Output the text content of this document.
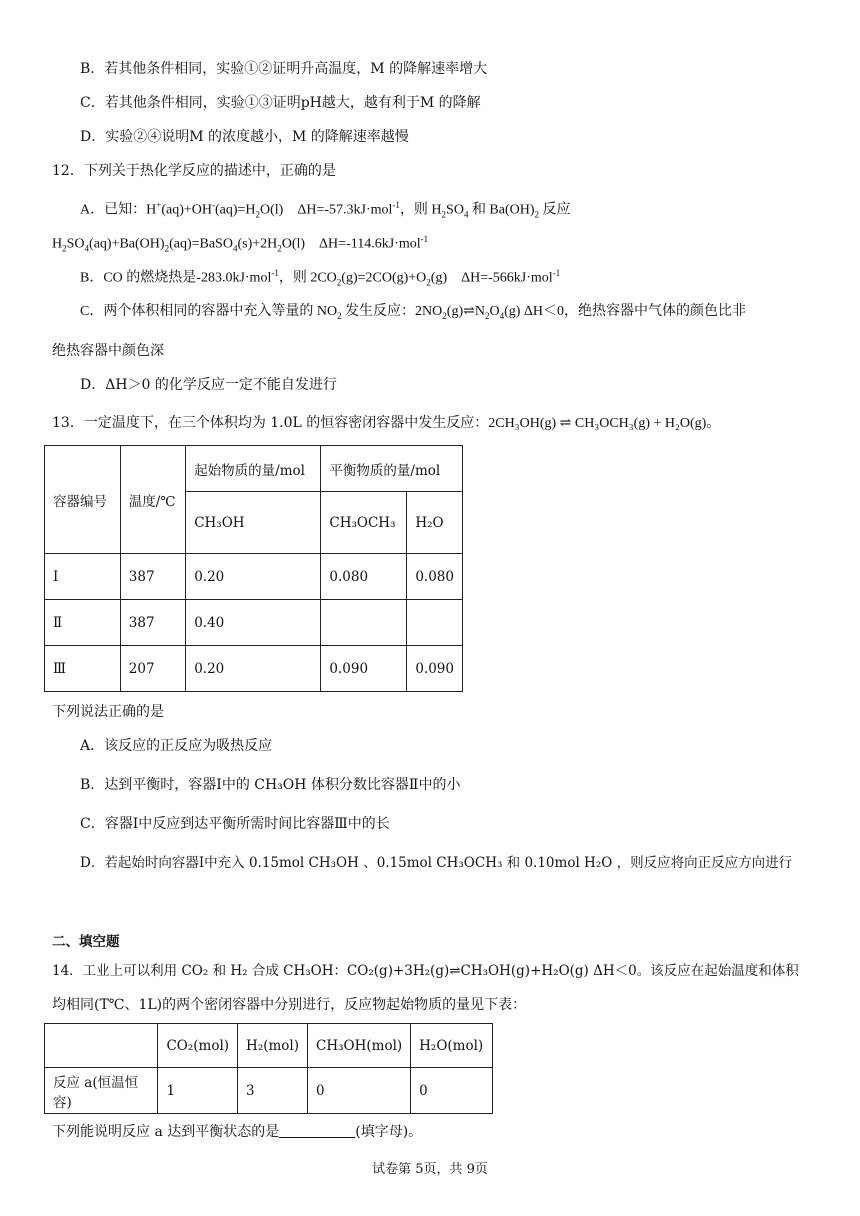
B．若其他条件相同，实验①②证明升高温度，M 的降解速率增大
C．若其他条件相同，实验①③证明pH越大，越有利于M 的降解
D．实验②④说明M 的浓度越小，M 的降解速率越慢
12．下列关于热化学反应的描述中，正确的是
A．已知：$H^+(aq)+OH^-(aq)=H_2O(l)$　ΔH=-57.3kJ·mol$^{-1}$，则 $H_2SO_4$ 和 $Ba(OH)_2$ 反应
$H_2SO_4(aq)+Ba(OH)_2(aq)=BaSO_4(s)+2H_2O(l)$　ΔH=-114.6kJ·mol$^{-1}$
B．CO 的燃烧热是-283.0kJ·mol$^{-1}$，则 $2CO_2(g)=2CO(g)+O_2(g)$　ΔH=-566kJ·mol$^{-1}$
C．两个体积相同的容器中充入等量的 $NO_2$ 发生反应：$2NO_2(g)\rightleftharpoons N_2O_4(g)$ ΔH＜0，绝热容器中气体的颜色比非
绝热容器中颜色深
D．ΔH＞0 的化学反应一定不能自发进行
13．一定温度下，在三个体积均为 1.0L 的恒容密闭容器中发生反应：2CH₃OH(g) ⇌ CH₃OCH₃(g) + H₂O(g)。
容器编号	温度/℃	起始物质的量/mol	平衡物质的量/mol	
		CH₃OH	CH₃OCH₃	H₂O
Ⅰ	387	0.20	0.080	0.080
Ⅱ	387	0.40		
Ⅲ	207	0.20	0.090	0.090
下列说法正确的是
A．该反应的正反应为吸热反应
B．达到平衡时，容器Ⅰ中的 CH₃OH 体积分数比容器Ⅱ中的小
C．容器Ⅰ中反应到达平衡所需时间比容器Ⅲ中的长
D．若起始时向容器Ⅰ中充入 0.15mol CH₃OH 、0.15mol CH₃OCH₃ 和 0.10mol H₂O ，则反应将向正反应方向进行
二、填空题
14．工业上可以利用 CO₂ 和 H₂ 合成 CH₃OH：CO₂(g)+3H₂(g)⇌CH₃OH(g)+H₂O(g) ΔH＜0。该反应在起始温度和体积
均相同(T℃、1L)的两个密闭容器中分别进行，反应物起始物质的量见下表：
	CO₂(mol)	H₂(mol)	CH₃OH(mol)	H₂O(mol)
反应 a(恒温恒容)	1	3	0	0
下列能说明反应 a 达到平衡状态的是	(填字母)。
试卷第 5页，共 9页
